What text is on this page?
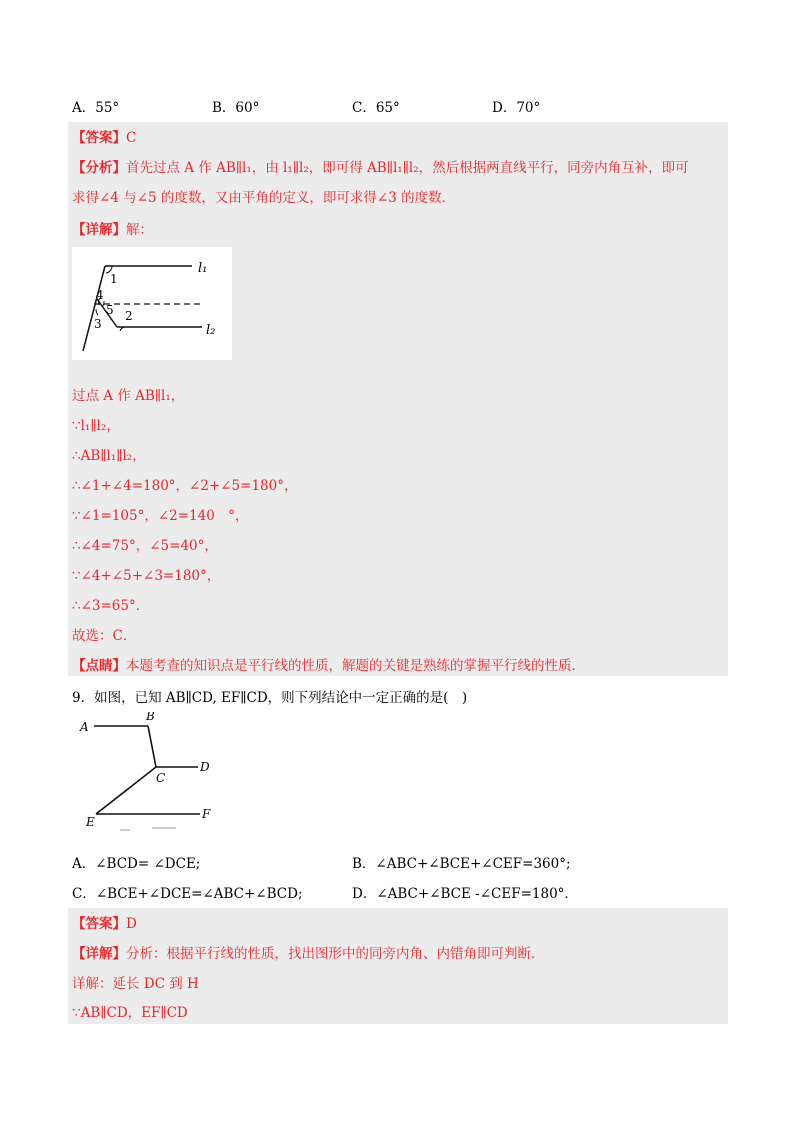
A．55°	B．60°	C．65°	D．70°
【答案】C
【分析】首先过点 A 作 AB∥l₁，由 l₁∥l₂，即可得 AB∥l₁∥l₂，然后根据两直线平行，同旁内角互补，即可
求得∠4 与∠5 的度数，又由平角的定义，即可求得∠3 的度数．
【详解】解：
1
2
3
4
5
l₁
l₂
过点 A 作 AB∥l₁，
∵l₁∥l₂，
∴AB∥l₁∥l₂，
∴∠1+∠4=180°，∠2+∠5=180°，
∵∠1=105°，∠2=140　°，
∴∠4=75°，∠5=40°，
∵∠4+∠5+∠3=180°，
∴∠3=65°．
故选：C．
【点睛】本题考查的知识点是平行线的性质，解题的关键是熟练的掌握平行线的性质．
9．如图，已知 AB∥CD, EF∥CD，则下列结论中一定正确的是(　)
A
B
C
D
E
F
A．∠BCD= ∠DCE;	B．∠ABC+∠BCE+∠CEF=360°;
C．∠BCE+∠DCE=∠ABC+∠BCD;	D．∠ABC+∠BCE -∠CEF=180°．
【答案】D
【详解】分析：根据平行线的性质，找出图形中的同旁内角、内错角即可判断．
详解：延长 DC 到 H
∵AB∥CD，EF∥CD
